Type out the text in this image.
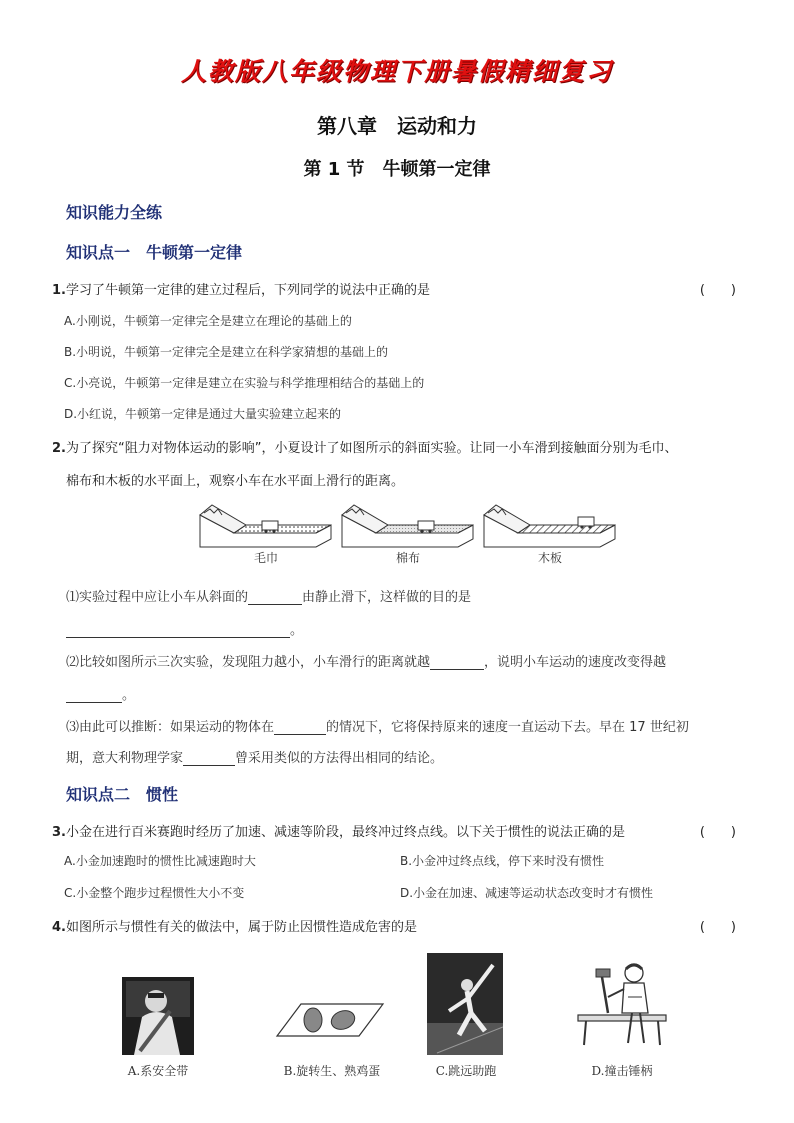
人教版八年级物理下册暑假精细复习
第八章　运动和力
第 1 节　牛顿第一定律
知识能力全练
知识点一　牛顿第一定律
1.学习了牛顿第一定律的建立过程后，下列同学的说法中正确的是	(　　)
A.小刚说，牛顿第一定律完全是建立在理论的基础上的
B.小明说，牛顿第一定律完全是建立在科学家猜想的基础上的
C.小亮说，牛顿第一定律是建立在实验与科学推理相结合的基础上的
D.小红说，牛顿第一定律是通过大量实验建立起来的
2.为了探究“阻力对物体运动的影响”，小夏设计了如图所示的斜面实验。让同一小车滑到接触面分别为毛巾、
棉布和木板的水平面上，观察小车在水平面上滑行的距离。
毛巾	棉布	木板
⑴实验过程中应让小车从斜面的	由静止滑下，这样做的目的是
。
⑵比较如图所示三次实验，发现阻力越小，小车滑行的距离就越	，说明小车运动的速度改变得越
。
⑶由此可以推断：如果运动的物体在	的情况下，它将保持原来的速度一直运动下去。早在 17 世纪初
期，意大利物理学家	曾采用类似的方法得出相同的结论。
知识点二　惯性
3.小金在进行百米赛跑时经历了加速、减速等阶段，最终冲过终点线。以下关于惯性的说法正确的是	(　　)
A.小金加速跑时的惯性比减速跑时大	B.小金冲过终点线，停下来时没有惯性
C.小金整个跑步过程惯性大小不变	D.小金在加速、减速等运动状态改变时才有惯性
4.如图所示与惯性有关的做法中，属于防止因惯性造成危害的是	(　　)
A.系安全带	B.旋转生、熟鸡蛋	C.跳远助跑	D.撞击锤柄
